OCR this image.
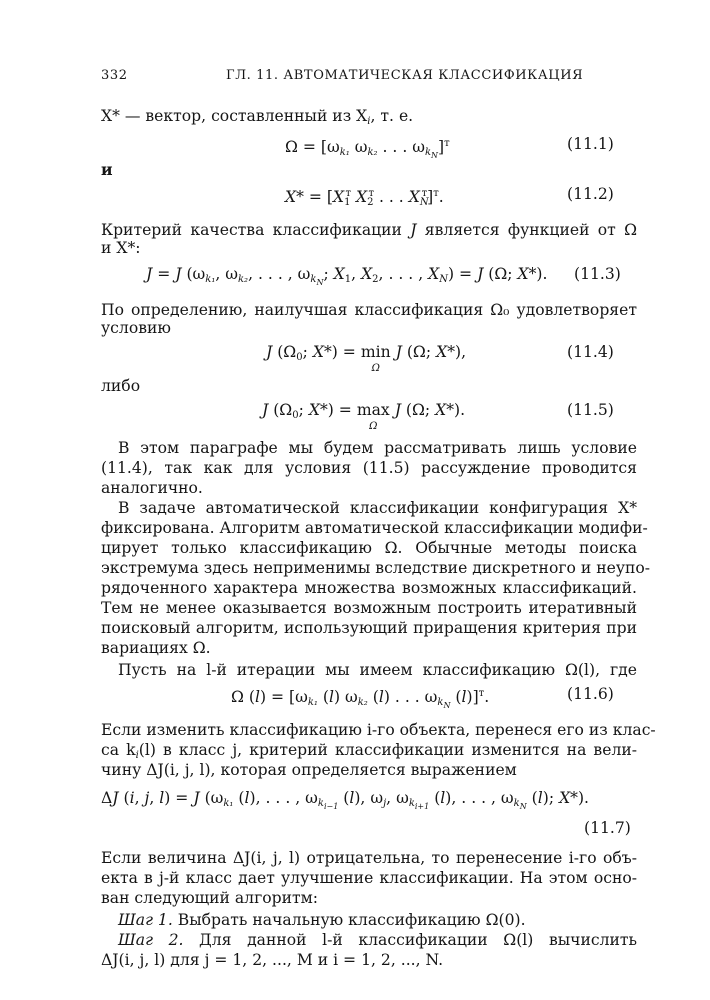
332	ГЛ. 11. АВТОМАТИЧЕСКАЯ КЛАССИФИКАЦИЯ
X* — вектор, составленный из $X_i$, т. е.
$\Omega = [\omega_{k_1}$ $\omega_{k_2}$ . . . $\omega_{k_N}]^т$	(11.1)
и
$X* = [X_1^т$ $X_2^т$ . . . $X_N^т]^т$.	(11.2)
Критерий качества классификации J является функцией от Ω
и X*:
J = J ($\omega_{k_1}$, $\omega_{k_2}$, . . . , $\omega_{k_N}$; $X_1$, $X_2$, . . . , $X_N) = J$ (Ω; X*). (11.3)
По определению, наилучшая классификация Ω₀ удовлетворяет
условию
J ($\Omega_0$; X*) = min
Ω
J (Ω; X*),	(11.4)
либо
J ($\Omega_0$; X*) = max
Ω
J (Ω; X*).	(11.5)
В этом параграфе мы будем рассматривать лишь условие
(11.4), так как для условия (11.5) рассуждение проводится
аналогично.
В задаче автоматической классификации конфигурация X*
фиксирована. Алгоритм автоматической классификации модифи-
цирует только классификацию Ω. Обычные методы поиска
экстремума здесь неприменимы вследствие дискретного и неупо-
рядоченного характера множества возможных классификаций.
Тем не менее оказывается возможным построить итеративный
поисковый алгоритм, использующий приращения критерия при
вариациях Ω.
Пусть на l-й итерации мы имеем классификацию Ω(l), где
Ω $(l) = [\omega_{k_1}$ (l) $\omega_{k_2}$ (l) . . . $\omega_{k_N}$ (l)]$^т$.	(11.6)
Если изменить классификацию i-го объекта, перенеся его из клас-
са $k_i(l)$ в класс j, критерий классификации изменится на вели-
чину ΔJ(i, j, l), которая определяется выражением
ΔJ (i, j, l) = J ($\omega_{k_1}$ (l), . . . , $\omega_{k_{i-1}}$ (l), $\omega_j$, $\omega_{k_{i+1}}$ (l), . . . , $\omega_{k_N}$ (l); X*).
(11.7)
Если величина ΔJ(i, j, l) отрицательна, то перенесение i-го объ-
екта в j-й класс дает улучшение классификации. На этом осно-
ван следующий алгоритм:
Шаг 1. Выбрать начальную классификацию Ω(0).
Шаг 2. Для данной l-й классификации Ω(l) вычислить
ΔJ(i, j, l) для j = 1, 2, ..., M и i = 1, 2, ..., N.
